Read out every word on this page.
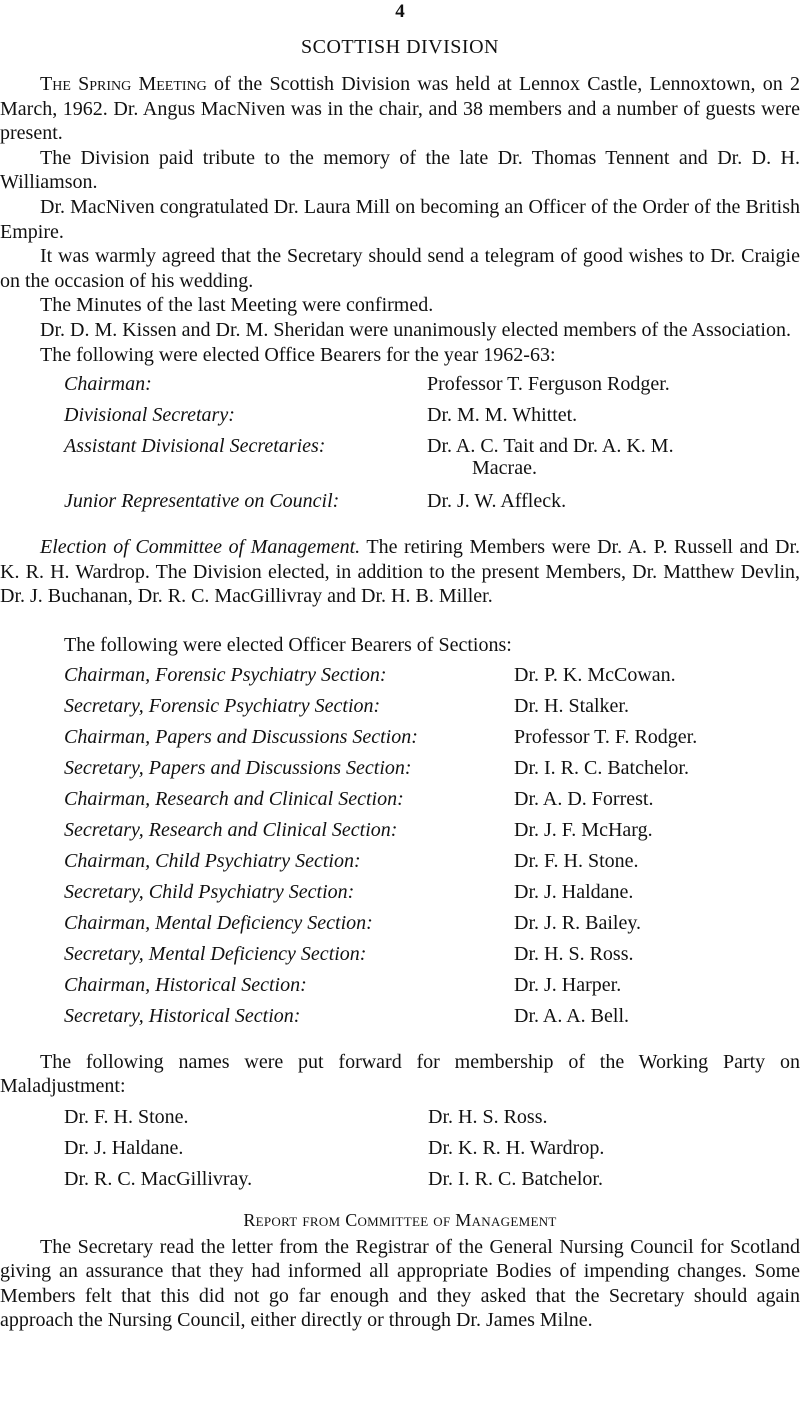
4
SCOTTISH DIVISION

The Spring Meeting of the Scottish Division was held at Lennox Castle, Lennoxtown, on 2 March, 1962. Dr. Angus MacNiven was in the chair, and 38 members and a number of guests were present.

The Division paid tribute to the memory of the late Dr. Thomas Tennent and Dr. D. H. Williamson.

Dr. MacNiven congratulated Dr. Laura Mill on becoming an Officer of the Order of the British Empire.

It was warmly agreed that the Secretary should send a telegram of good wishes to Dr. Craigie on the occasion of his wedding.

The Minutes of the last Meeting were confirmed.

Dr. D. M. Kissen and Dr. M. Sheridan were unanimously elected members of the Association.

The following were elected Office Bearers for the year 1962-63:

Chairman:	Professor T. Ferguson Rodger.
Divisional Secretary:	Dr. M. M. Whittet.
Assistant Divisional Secretaries:	Dr. A. C. Tait and Dr. A. K. M.
Macrae.
Junior Representative on Council:	Dr. J. W. Affleck.

Election of Committee of Management. The retiring Members were Dr. A. P. Russell and Dr. K. R. H. Wardrop. The Division elected, in addition to the present Members, Dr. Matthew Devlin, Dr. J. Buchanan, Dr. R. C. MacGillivray and Dr. H. B. Miller.

The following were elected Officer Bearers of Sections:
Chairman, Forensic Psychiatry Section:	Dr. P. K. McCowan.
Secretary, Forensic Psychiatry Section:	Dr. H. Stalker.
Chairman, Papers and Discussions Section:	Professor T. F. Rodger.
Secretary, Papers and Discussions Section:	Dr. I. R. C. Batchelor.
Chairman, Research and Clinical Section:	Dr. A. D. Forrest.
Secretary, Research and Clinical Section:	Dr. J. F. McHarg.
Chairman, Child Psychiatry Section:	Dr. F. H. Stone.
Secretary, Child Psychiatry Section:	Dr. J. Haldane.
Chairman, Mental Deficiency Section:	Dr. J. R. Bailey.
Secretary, Mental Deficiency Section:	Dr. H. S. Ross.
Chairman, Historical Section:	Dr. J. Harper.
Secretary, Historical Section:	Dr. A. A. Bell.

The following names were put forward for membership of the Working Party on Maladjustment:

Dr. F. H. Stone.	Dr. H. S. Ross.
Dr. J. Haldane.	Dr. K. R. H. Wardrop.
Dr. R. C. MacGillivray.	Dr. I. R. C. Batchelor.
Report from Committee of Management

The Secretary read the letter from the Registrar of the General Nursing Council for Scotland giving an assurance that they had informed all appropriate Bodies of impending changes. Some Members felt that this did not go far enough and they asked that the Secretary should again approach the Nursing Council, either directly or through Dr. James Milne.
